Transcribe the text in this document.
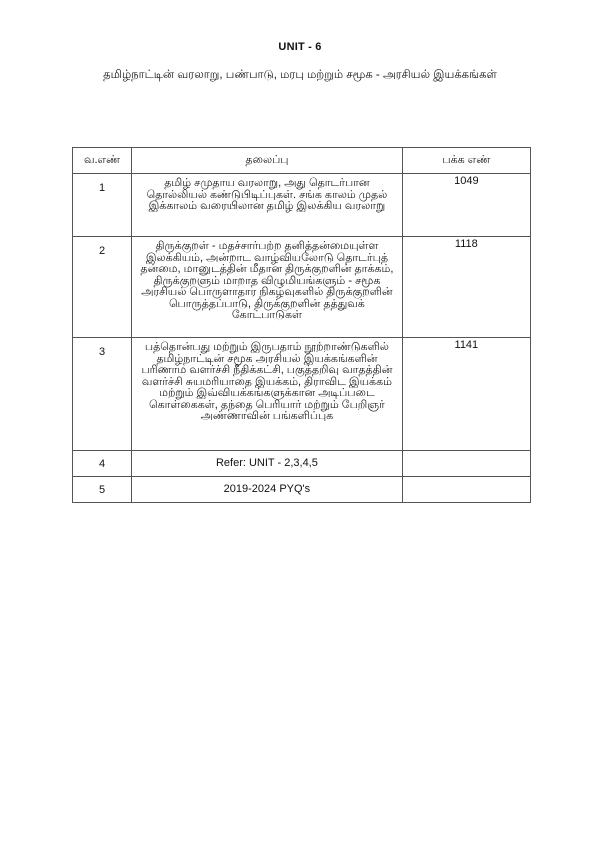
UNIT - 6
தமிழ்நாட்டின் வரலாறு, பண்பாடு, மரபு மற்றும் சமூக - அரசியல் இயக்கங்கள்
வ.எண்	தலைப்பு	பக்க எண்
1	தமிழ் சமுதாய வரலாறு, அது தொடர்பான தொல்லியல் கண்டுபிடிப்புகள். சங்க காலம் முதல் இக்காலம் வரையிலான தமிழ் இலக்கிய வரலாறு	1049
2	திருக்குறள் - மதச்சார்பற்ற தனித்தன்மையுள்ள இலக்கியம், அன்றாட வாழ்வியலோடு தொடர்புத் தன்மை, மானுடத்தின் மீதான திருக்குறளின் தாக்கம், திருக்குறளும் மாறாத விழுமியங்களும் - சமூக அரசியல் பொருளாதார நிகழ்வுகளில் திருக்குறளின் பொருத்தப்பாடு, திருக்குறளின் தத்துவக் கோட்பாடுகள்	1118
3	பத்தொன்பது மற்றும் இருபதாம் நூற்றாண்டுகளில் தமிழ்நாட்டின் சமூக அரசியல் இயக்கங்களின் பரிணாம வளர்ச்சி நீதிக்கட்சி, பகுத்தறிவு வாதத்தின் வளர்ச்சி சுயமரியாதை இயக்கம், திராவிட இயக்கம் மற்றும் இவ்வியக்கங்களுக்கான அடிப்படை கொள்கைகள், தந்தை பெரியார் மற்றும் பேறிஞர் அண்ணாவின் பங்களிப்புக	1141
4	Refer: UNIT - 2,3,4,5	
5	2019-2024 PYQ's	
